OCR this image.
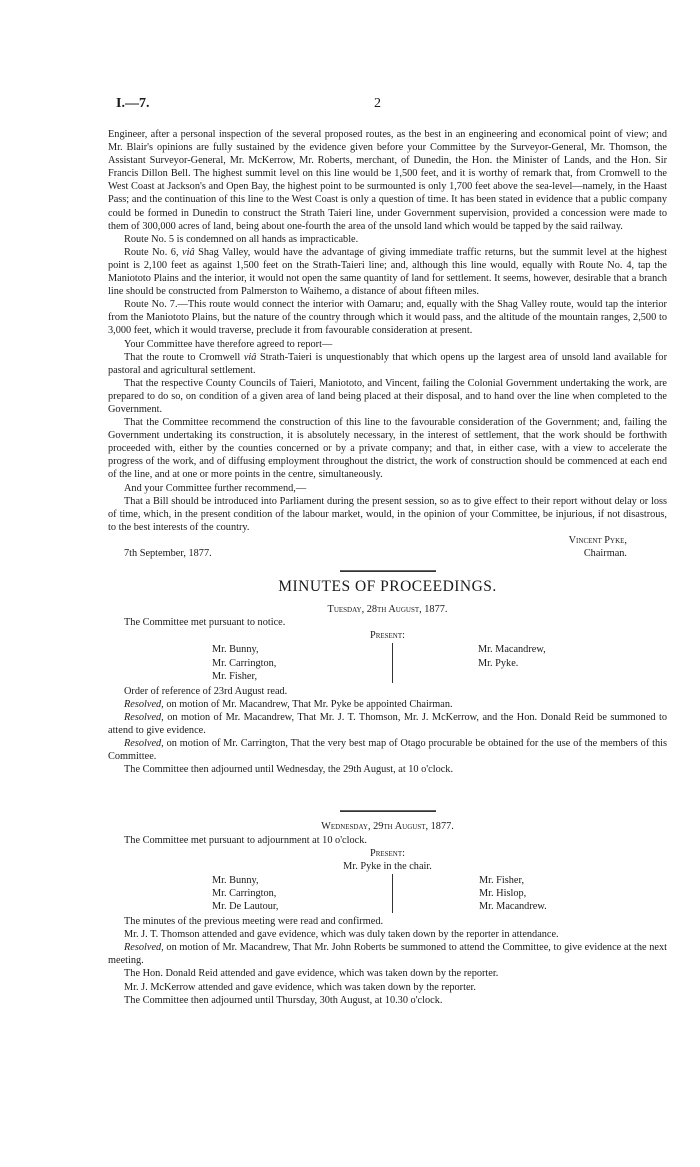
I.—7.	2

Engineer, after a personal inspection of the several proposed routes, as the best in an engineering and economical point of view; and Mr. Blair's opinions are fully sustained by the evidence given before your Committee by the Surveyor-General, Mr. Thomson, the Assistant Surveyor-General, Mr. McKerrow, Mr. Roberts, merchant, of Dunedin, the Hon. the Minister of Lands, and the Hon. Sir Francis Dillon Bell. The highest summit level on this line would be 1,500 feet, and it is worthy of remark that, from Cromwell to the West Coast at Jackson's and Open Bay, the highest point to be surmounted is only 1,700 feet above the sea-level—namely, in the Haast Pass; and the continuation of this line to the West Coast is only a question of time. It has been stated in evidence that a public company could be formed in Dunedin to construct the Strath Taieri line, under Government supervision, provided a concession were made to them of 300,000 acres of land, being about one-fourth the area of the unsold land which would be tapped by the said railway.

Route No. 5 is condemned on all hands as impracticable.

Route No. 6, viâ Shag Valley, would have the advantage of giving immediate traffic returns, but the summit level at the highest point is 2,100 feet as against 1,500 feet on the Strath-Taieri line; and, although this line would, equally with Route No. 4, tap the Maniototo Plains and the interior, it would not open the same quantity of land for settlement. It seems, however, desirable that a branch line should be constructed from Palmerston to Waihemo, a distance of about fifteen miles.

Route No. 7.—This route would connect the interior with Oamaru; and, equally with the Shag Valley route, would tap the interior from the Maniototo Plains, but the nature of the country through which it would pass, and the altitude of the mountain ranges, 2,500 to 3,000 feet, which it would traverse, preclude it from favourable consideration at present.

Your Committee have therefore agreed to report—

That the route to Cromwell viâ Strath-Taieri is unquestionably that which opens up the largest area of unsold land available for pastoral and agricultural settlement.

That the respective County Councils of Taieri, Maniototo, and Vincent, failing the Colonial Government undertaking the work, are prepared to do so, on condition of a given area of land being placed at their disposal, and to hand over the line when completed to the Government.

That the Committee recommend the construction of this line to the favourable consideration of the Government; and, failing the Government undertaking its construction, it is absolutely necessary, in the interest of settlement, that the work should be forthwith proceeded with, either by the counties concerned or by a private company; and that, in either case, with a view to accelerate the progress of the work, and of diffusing employment throughout the district, the work of construction should be commenced at each end of the line, and at one or more points in the centre, simultaneously.

And your Committee further recommend,—

That a Bill should be introduced into Parliament during the present session, so as to give effect to their report without delay or loss of time, which, in the present condition of the labour market, would, in the opinion of your Committee, be injurious, if not disastrous, to the best interests of the country.

Vincent Pyke,
7th September, 1877.	Chairman.
MINUTES OF PROCEEDINGS.
Tuesday, 28th August, 1877.

The Committee met pursuant to notice.

Present:
Mr. Bunny,
Mr. Carrington,
Mr. Fisher,
Mr. Macandrew,
Mr. Pyke.

Order of reference of 23rd August read.

Resolved, on motion of Mr. Macandrew, That Mr. Pyke be appointed Chairman.

Resolved, on motion of Mr. Macandrew, That Mr. J. T. Thomson, Mr. J. McKerrow, and the Hon. Donald Reid be summoned to attend to give evidence.

Resolved, on motion of Mr. Carrington, That the very best map of Otago procurable be obtained for the use of the members of this Committee.

The Committee then adjourned until Wednesday, the 29th August, at 10 o'clock.

Wednesday, 29th August, 1877.

The Committee met pursuant to adjournment at 10 o'clock.

Present:
Mr. Pyke in the chair.
Mr. Bunny,
Mr. Carrington,
Mr. De Lautour,
Mr. Fisher,
Mr. Hislop,
Mr. Macandrew.

The minutes of the previous meeting were read and confirmed.

Mr. J. T. Thomson attended and gave evidence, which was duly taken down by the reporter in attendance.

Resolved, on motion of Mr. Macandrew, That Mr. John Roberts be summoned to attend the Committee, to give evidence at the next meeting.

The Hon. Donald Reid attended and gave evidence, which was taken down by the reporter.

Mr. J. McKerrow attended and gave evidence, which was taken down by the reporter.

The Committee then adjourned until Thursday, 30th August, at 10.30 o'clock.
